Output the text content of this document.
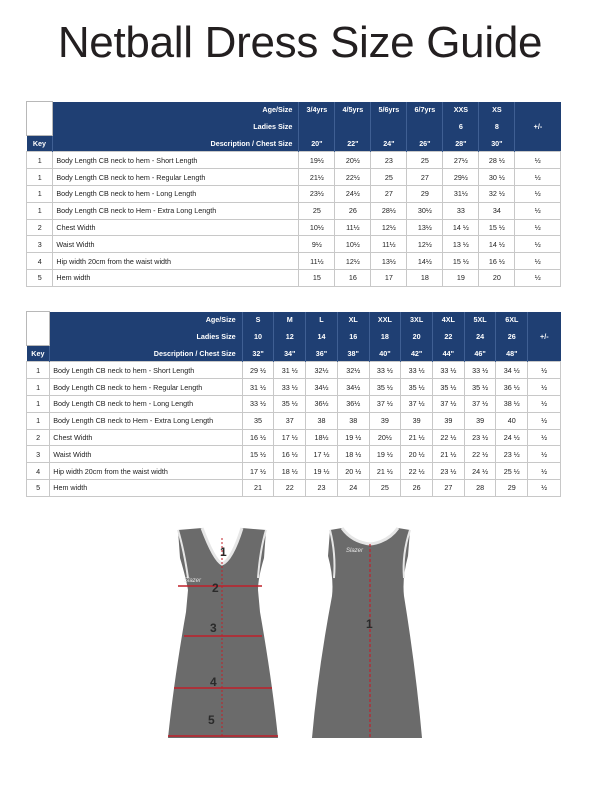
Netball Dress Size Guide
	Age/Size	3/4yrs	4/5yrs	5/6yrs	6/7yrs	XXS	XS	+/-
	Ladies Size					6	8	
Key	Description / Chest Size	20"	22"	24"	26"	28"	30"	
1	Body Length CB neck to hem - Short Length	19½	20½	23	25	27½	28 ½	½
1	Body Length CB neck to hem - Regular Length	21½	22½	25	27	29½	30 ½	½
1	Body Length CB neck to hem - Long Length	23½	24½	27	29	31½	32 ½	½
1	Body Length CB neck to Hem - Extra Long Length	25	26	28½	30½	33	34	½
2	Chest Width	10½	11½	12½	13½	14 ½	15 ½	½
3	Waist Width	9½	10½	11½	12½	13 ½	14 ½	½
4	Hip width 20cm from the waist width	11½	12½	13½	14½	15 ½	16 ½	½
5	Hem width	15	16	17	18	19	20	½
	Age/Size	S	M	L	XL	XXL	3XL	4XL	5XL	6XL	+/-
	Ladies Size	10	12	14	16	18	20	22	24	26	
Key	Description / Chest Size	32"	34"	36"	38"	40"	42"	44"	46"	48"	
1	Body Length CB neck to hem - Short Length	29 ½	31 ½	32½	32½	33 ½	33 ½	33 ½	33 ½	34 ½	½
1	Body Length CB neck to hem - Regular Length	31 ½	33 ½	34½	34½	35 ½	35 ½	35 ½	35 ½	36 ½	½
1	Body Length CB neck to hem - Long Length	33 ½	35 ½	36½	36½	37 ½	37 ½	37 ½	37 ½	38 ½	½
1	Body Length CB neck to Hem - Extra Long Length	35	37	38	38	39	39	39	39	40	½
2	Chest Width	16 ½	17 ½	18½	19 ½	20½	21 ½	22 ½	23 ½	24 ½	½
3	Waist Width	15 ½	16 ½	17 ½	18 ½	19 ½	20 ½	21 ½	22 ½	23 ½	½
4	Hip width 20cm from the waist width	17 ½	18 ½	19 ½	20 ½	21 ½	22 ½	23 ½	24 ½	25 ½	½
5	Hem width	21	22	23	24	25	26	27	28	29	½
Slazer
1
2
3
4
5
Slazer
1
